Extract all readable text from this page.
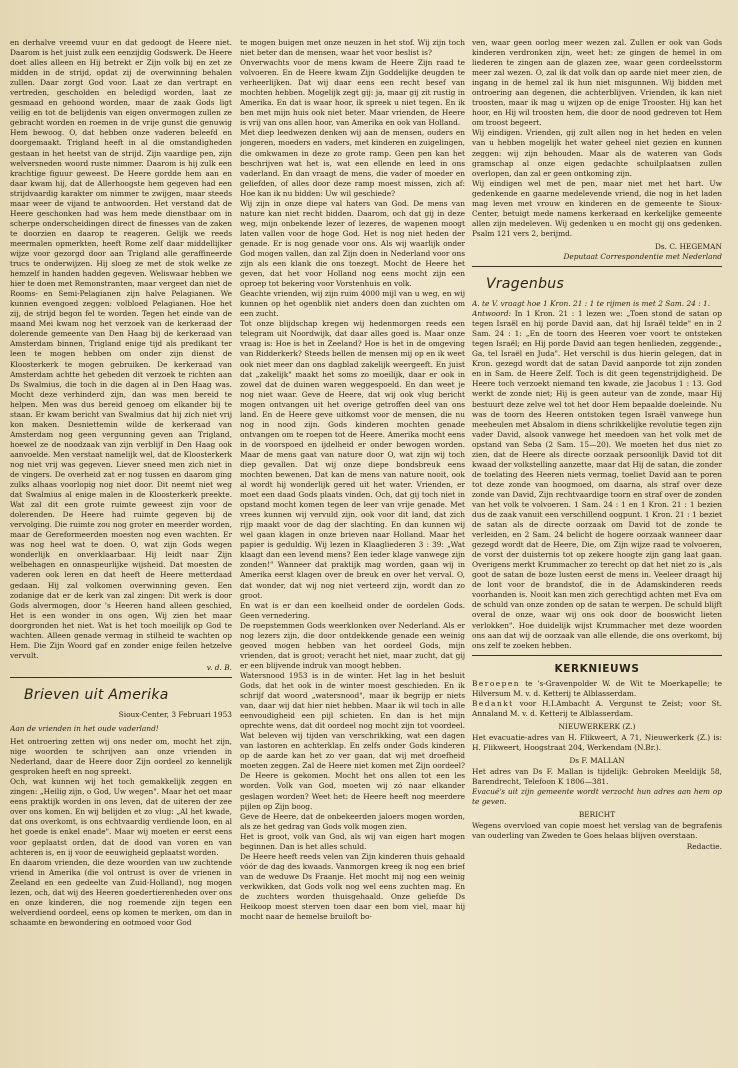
en derhalve vreemd vuur en dat gedoogt de Heere niet. Daarom is het juist zulk een eenzijdig Godswerk. De Heere doet alles alleen en Hij betrekt er Zijn volk bij en zet ze midden in de strijd, opdat zij de overwinning behalen zullen. Daar zorgt God voor. Laat ze dan vertrapt en vertreden, gescholden en beledigd worden, laat ze gesmaad en gehoond worden, maar de zaak Gods ligt veilig en tot de belijdenis van eigen onvermogen zullen ze gebracht worden en roemen in de vrije gunst die genuwig Hem bewoog. O, dat hebben onze vaderen beleefd en doorgemaakt. Trigland heeft in al die omstandigheden gestaan in het heetst van de strijd. Zijn vaardige pen, zijn welversneden woord ruste nimmer. Daarom is hij zulk een krachtige figuur geweest. De Heere gordde hem aan en daar kwam hij, dat de Allerhoogste hem gegeven had een strijdvaardig karakter om nimmer te zwijgen, maar steeds maar weer de vijand te antwoorden. Het verstand dat de Heere geschonken had was hem mede dienstbaar om in scherpe onderscheidingen direct de finesses van de zaken te doorzien en daarop te reageren. Gelijk we reeds meermalen opmerkten, heeft Rome zelf daar middellijker wijze voor gezorgd door aan Trigland alle geraffineerde trucs te onderwijzen. Hij sloeg ze met de stok welke ze hemzelf in handen hadden gegeven. Weliswaar hebben we hier te doen met Remonstranten, maar vergeet dan niet de Rooms- en Semi-Pelagianen zijn halve Pelagianen. We kunnen evengoed zeggen: volbloed Pelagianen. Hoe het zij, de strijd begon fel te worden. Tegen het einde van de maand Mei kwam nog het verzoek van de kerkeraad der dolerende gemeente van Den Haag bij de kerkeraad van Amsterdam binnen, Trigland enige tijd als predikant ter leen te mogen hebben om onder zijn dienst de Kloosterkerk te mogen gebruiken. De kerkeraad van Amsterdam achtte het gebeden dit verzoek te richten aan Ds Swalmius, die toch in die dagen al in Den Haag was. Mocht deze verhinderd zijn, dan was men bereid te helpen. Men was dus bereid genoeg om elkander bij te staan. Er kwam bericht van Swalmius dat hij zich niet vrij kon maken. Desniettemin wilde de kerkeraad van Amsterdam nog geen vergunning geven aan Trigland, hoewel ze de noodzaak van zijn verblijf in Den Haag ook aanvoelde. Men verstaat namelijk wel, dat de Kloosterkerk nog niet vrij was gegeven. Liever sneed men zich niet in de vingers. De overheid zat er nog tussen en daarom ging zulks alhaas voorlopig nog niet door. Dit neemt niet weg dat Swalmius al enige malen in de Kloosterkerk preekte. Wat zal dit een grote ruimte geweest zijn voor de dolerenden. De Heere had ruimte gegeven bij de vervolging. Die ruimte zou nog groter en meerder worden, maar de Gereformeerden moesten nog even wachten. Er was nog heel wat te doen. O, wat zijn Gods wegen wonderlijk en onverklaarbaar. Hij leidt naar Zijn welbehagen en onnaspeurlijke wijsheid. Dat moesten de vaderen ook leren en dat heeft de Heere metterdaad gedaan. Hij zal volkomen overwinning geven. Een zodanige dat er de kerk van zal zingen: Dit werk is door Gods alvermogen, door 's Heeren hand alleen geschied, Het is een wonder in ons ogen, Wij zien het maar doorgronden het niet. Wat is het toch moeilijk op God te wachten. Alleen genade vermag in stilheid te wachten op Hem. Die Zijn Woord gaf en zonder enige feilen hetzelve vervult.

v. d. B.
Brieven uit Amerika
Sioux-Center, 3 Februari 1953
Aan de vrienden in het oude vaderland!

Het ontroering zetten wij ons neder om, mocht het zijn, nige woorden te schrijven aan onze vrienden in Nederland, daar de Heere door Zijn oordeel zo kennelijk gesproken heeft en nog spreekt.

Och, wat kunnen wij het toch gemakkelijk zeggen en zingen: „Heilig zijn, o God, Uw wegen". Maar het oet maar eens praktijk worden in ons leven, dat de uiteren der zee over ons komen. En wij belijden et zo vlug: „Al het kwade, dat ons overkomt, is ons echtvaardig verdiende loon, en al het goede is enkel enade". Maar wij moeten er eerst eens voor geplaatst orden, dat de dood van voren en van achteren is, en ij voor de eeuwigheid geplaatst worden.

En daarom vrienden, die deze woorden van uw zuchtende vriend in Amerika (die vol ontrust is over de vrienen in Zeeland en een gedeelte van Zuid-Holland), nog mogen lezen, och, dat wij des Heeren goedertierenheden over ons en onze kinderen, die nog roemende zijn tegen een welverdiend oordeel, eens op komen te merken, om dan in schaamte en bewondering en ootmoed voor God

te mogen buigen met onze neuzen in het stof. Wij zijn toch niet beter dan de mensen, waar het voor beslist is?

Onverwachts voor de mens kwam de Heere Zijn raad te volvoeren. En de Heere kwam Zijn Goddelijke deugden te verheerlijken. Dat wij daar eens een recht besef van mochten hebben. Mogelijk zegt gij: ja, maar gij zit rustig in Amerika. En dat is waar hoor, ik spreek u niet tegen. En ik ben met mijn huis ook niet beter. Maar vrienden, de Heere is vrij van ons allen hoor, van Amerika en ook van Holland.

Met diep leedwezen denken wij aan de mensen, ouders en jongeren, moeders en vaders, met kinderen en zuigelingen, die omkwamen in deze zo grote ramp. Geen pen kan het beschrijven wat het is, wat een ellende en leed in ons vaderland. En dan vraagt de mens, die vader of moeder en geliefden, of alles door deze ramp moest missen, zich af: Hoe kan ik nu bidden: Uw wil geschiede?

Wij zijn in onze diepe val haters van God. De mens van nature kan niet recht bidden. Daarom, och dat gij in deze weg, mijn onbekende lezer of lezeres, de wapenen moogt laten vallen voor de hoge God. Het is nog niet heden der genade. Er is nog genade voor ons. Als wij waarlijk onder God mogen vallen, dan zal Zijn doen in Nederland voor ons zijn als een klank die ons toezegt. Mocht de Heere het geven, dat het voor Holland nog eens mocht zijn een oproep tot bekering voor Vorstenhuis en volk.

Geachte vrienden, wij zijn ruim 4000 mijl van u weg, en wij kunnen op het ogenblik niet anders doen dan zuchten om een zucht.

Tot onze blijdschap kregen wij hedenmorgen reeds een telegram uit Noordwijk, dat daar alles goed is. Maar onze vraag is: Hoe is het in Zeeland? Hoe is het in de omgeving van Ridderkerk? Steeds bellen de mensen mij op en ik weet ook niet meer dan ons dagblad zakelijk weergeeft. En juist dat „zakelijk" maakt het soms zo moeilijk, daar er ook in zowel dat de duinen waren weggespoeld. En dan weet je nog niet waar. Geve de Heere, dat wij ook vlug bericht mogen ontvangen uit het overige getroffen deel van ons land. En de Heere geve uitkomst voor de mensen, die nu nog in nood zijn. Gods kinderen mochten genade ontvangen om te roepen tot de Heere. Amerika mocht eens in de voorspoed en ijdelheid er onder bewogen worden. Maar de mens gaat van nature door O, wat zijn wij toch diep gevallen. Dat wij onze diepe bondsbreuk eens mochten bewenen. Dat kan de mens van nature nooit, ook al wordt hij wonderlijk gered uit het water. Vrienden, er moet een daad Gods plaats vinden. Och, dat gij toch niet in opstand mocht komen tegen de leer van vrije genade. Met vrees kunnen wij vervuld zijn, ook voor dit land, dat zich rijp maakt voor de dag der slachting. En dan kunnen wij wel gaan klagen in onze brieven naar Holland. Maar het papier is geduldig. Wij lezen in Klaagliederen 3 : 39: „Wat klaagt dan een levend mens? Een ieder klage vanwege zijn zonden!" Wanneer dat praktijk mag worden, gaan wij in Amerika eerst klagen over de breuk en over het verval. O, dat wonder, dat wij nog niet verteerd zijn, wordt dan zo groot.

En wat is er dan een koelheid onder de oordelen Gods. Geen vernedering.

De roepstemmen Gods weerklonken over Nederland. Als er nog lezers zijn, die door ontdekkende genade een weinig geoved mogen hebben van het oordeel Gods, mijn vrienden, dat is groot; veracht het niet, maar zucht, dat gij er een blijvende indruk van moogt hebben.

Watersnood 1953 is in de winter. Het lag in het besluit Gods, dat het ook in de winter moest geschieden. En ik schrijf dat woord „watersnood", maar ik begrijp er niets van, daar wij dat hier niet hebben. Maar ik wil toch in alle eenvoudigheid een pijl schieten. En dan is het mijn oprechte wens, dat dit oordeel nog mocht zijn tot voordeel. Wat beleven wij tijden van verschrikking, wat een dagen van lastoren en achterklap. En zelfs onder Gods kinderen op de aarde kan het zo ver gaan, dat wij met droefheid moeten zeggen. Zal de Heere niet komen met Zijn oordeel? De Heere is gekomen. Mocht het ons allen tot een les worden. Volk van God, moeten wij zó naar elkander geslagen worden? Weet het: de Heere heeft nog meerdere pijlen op Zijn boog.

Geve de Heere, dat de onbekeerden jaloers mogen worden, als ze het gedrag van Gods volk mogen zien.

Het is groot, volk van God, als wij van eigen hart mogen beginnen. Dan is het alles schuld.

De Heere heeft reeds velen van Zijn kinderen thuis gehaald vóór de dag des kwaads. Vanmorgen kreeg ik nog een brief van de weduwe Ds Fraanje. Het mocht mij nog een weinig verkwikken, dat Gods volk nog wel eens zuchten mag. En de zuchters worden thuisgehaald. Onze geliefde Ds Heikoop moest sterven toen daar een bom viel, maar hij mocht naar de hemelse bruiloft bo-

ven, waar geen oorlog meer wezen zal. Zullen er ook van Gods kinderen verdronken zijn, weet het: ze gingen de hemel in om liederen te zingen aan de glazen zee, waar geen cordeelsstorm meer zal wezen. O, zal ik dat volk dan op aarde niet meer zien, de ingang in de hemel zal ik hun niet misgunnen. Wij bidden met ontroering aan degenen, die achterblijven. Vrienden, ik kan niet troosten, maar ik mag u wijzen op de enige Trooster. Hij kan het hoor, en Hij wil troosten hem, die door de nood gedreven tot Hem om troost begeert.

Wij eindigen. Vrienden, gij zult allen nog in het heden en velen van u hebben mogelijk het water geheel niet gezien en kunnen zeggen: wij zijn behouden. Maar als de wateren van Gods gramschap al onze eigen gedachte schuilplaatsen zullen overlopen, dan zal er geen ontkoming zijn.

Wij eindigen wel met de pen, maar niet met het hart. Uw gedenkende en gaarne medelevende vriend, die nog in het laden mag leven met vrouw en kinderen en de gemeente te Sioux-Center, betuigt mede namens kerkeraad en kerkelijke gemeente allen zijn medeleven. Wij gedenken u en mocht gij ons gedenken. Psalm 121 vers 2, berijmd.

Ds. C. HEGEMAN
Deputaat Correspondentie met Nederland
Vragenbus

A. te V. vraagt hoe 1 Kron. 21 : 1 te rijmen is met 2 Sam. 24 : 1.

Antwoord: In 1 Kron. 21 : 1 lezen we: „Toen stond de satan op tegen Israël en hij porde David aan, dat hij Israël telde" en in 2 Sam. 24 : 1: „En de toorn des Heeren voer voort te ontsteken tegen Israël; en Hij porde David aan tegen henlieden, zeggende:„ Ga, tel Israël en Juda". Het verschil is dus hierin gelegen, dat in Kron. gezegd wordt dat de satan David aanporde tot zijn zonden en in Sam. de Heere Zelf. Toch is dit geen tegenstrijdigheid. De Heere toch verzoekt niemand ten kwade, zie Jacobus 1 : 13. God werkt de zonde niet; Hij is geen auteur van de zonde, maar Hij bestuurt deze zelve wel tot het door Hem bepaalde doeleinde. Nu was de toorn des Heeren ontstoken tegen Israël vanwege hun meeheulen met Absalom in diens schrikkelijke revolutie tegen zijn vader David, alsook vanwege het meedoen van het volk met de opstand van Seba (2 Sam. 15—20). We moeten het dus niet zo zien, dat de Heere als directe oorzaak persoonlijk David tot dit kwaad der volkstelling aanzette, maar dat Hij de satan, die zonder de toelating des Heeren niets vermag, toeliet David aan te poren tot deze zonde van hoogmoed, om daarna, als straf over deze zonde van David, Zijn rechtvaardige toorn en straf over de zonden van het volk te volvoeren. 1 Sam. 24 : 1 en 1 Kron. 21 : 1 bezien dus de zaak vanuit een verschillend oogpunt. 1 Kron. 21 : 1 beziet de satan als de directe oorzaak om David tot de zonde te verleiden, en 2 Sam. 24 belicht de hogere oorzaak wanneer daar gezegd wordt dat de Heere, Die, om Zijn wijze raad te volvoeren, de vorst der duisternis tot op zekere hoogte zijn gang laat gaan. Overigens merkt Krummacher zo terecht op dat het niet zo is „als goot de satan de boze lusten eerst de mens in. Veeleer draagt hij de lont voor de brandstof, die in de Adamskinderen reeds voorhanden is. Nooit kan men zich gerechtigd achten met Eva om de schuld van onze zonden op de satan te werpen. De schuld blijft overal de onze, waar wij ons ook door de booswicht lieten verlokken". Hoe duidelijk wijst Krummacher met deze woorden ons aan dat wij de oorzaak van alle ellende, die ons overkomt, bij ons zelf te zoeken hebben.

KERKNIEUWS

Beroepen te 's-Gravenpolder W. de Wit te Moerkapelle; te Hilversum M. v. d. Ketterij te Alblasserdam.

Bedankt voor H.I.Ambacht A. Vergunst te Zeist; voor St. Annaland M. v. d. Ketterij te Alblasserdam.

NIEUWERKERK (Z.)

Het evacuatie-adres van H. Flikweert, A 71, Nieuwerkerk (Z.) is: H. Flikweert, Hoogstraat 204, Werkendam (N.Br.).

Ds F. MALLAN

Het adres van Ds F. Mallan is tijdelijk: Gebroken Meeldijk 58, Barendrecht, Telefoon K 1806—381.

Evacué's uit zijn gemeente wordt verzocht hun adres aan hem op te geven.

BERICHT

Wegens overvloed van copie moest het verslag van de begrafenis van ouderling van Zweden te Goes helaas blijven overstaan.

Redactie.
